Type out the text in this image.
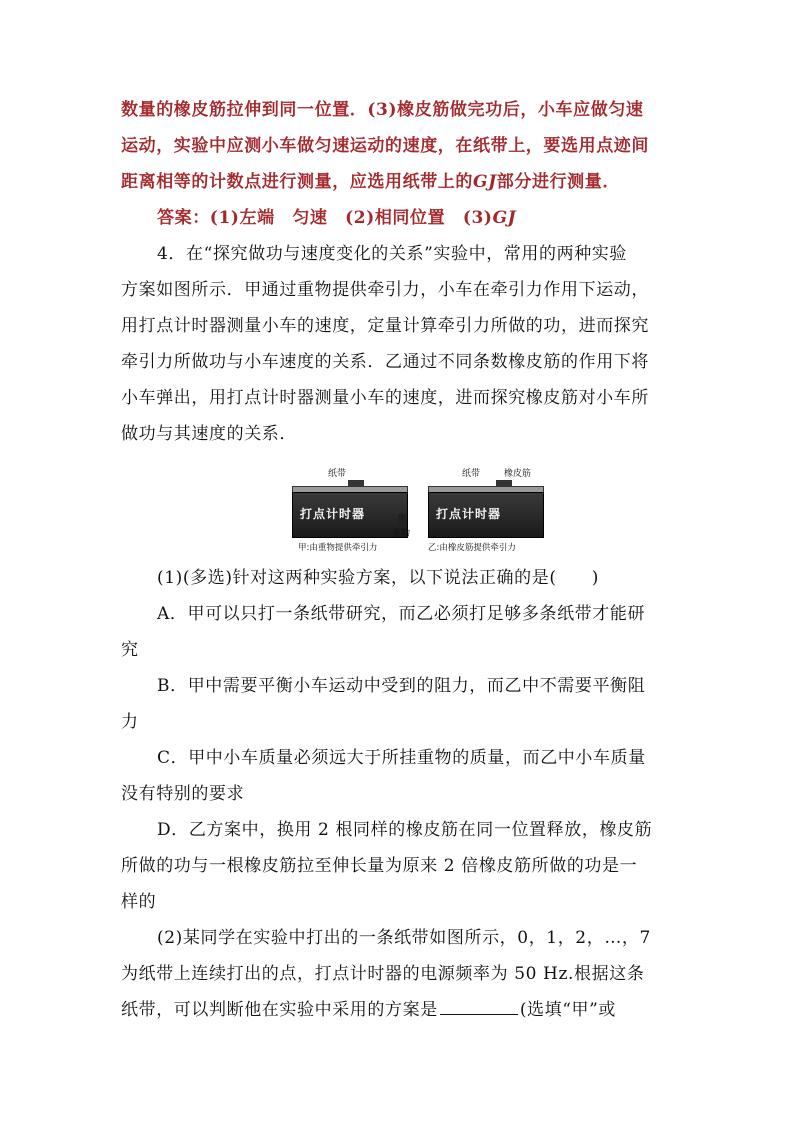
数量的橡皮筋拉伸到同一位置．(3)橡皮筋做完功后，小车应做匀速
运动，实验中应测小车做匀速运动的速度，在纸带上，要选用点迹间
距离相等的计数点进行测量，应选用纸带上的GJ部分进行测量．
答案：(1)左端　匀速　(2)相同位置　(3)GJ
4．在“探究做功与速度变化的关系”实验中，常用的两种实验
方案如图所示．甲通过重物提供牵引力，小车在牵引力作用下运动，
用打点计时器测量小车的速度，定量计算牵引力所做的功，进而探究
牵引力所做功与小车速度的关系．乙通过不同条数橡皮筋的作用下将
小车弹出，用打点计时器测量小车的速度，进而探究橡皮筋对小车所
做功与其速度的关系．
纸带
打点计时器
重物
甲:由重物提供牵引力
纸带	橡皮筋
打点计时器
乙:由橡皮筋提供牵引力
(1)(多选)针对这两种实验方案，以下说法正确的是(　　)
A．甲可以只打一条纸带研究，而乙必须打足够多条纸带才能研
究
B．甲中需要平衡小车运动中受到的阻力，而乙中不需要平衡阻
力
C．甲中小车质量必须远大于所挂重物的质量，而乙中小车质量
没有特别的要求
D．乙方案中，换用 2 根同样的橡皮筋在同一位置释放，橡皮筋
所做的功与一根橡皮筋拉至伸长量为原来 2 倍橡皮筋所做的功是一
样的
(2)某同学在实验中打出的一条纸带如图所示，0，1，2，…，7
为纸带上连续打出的点，打点计时器的电源频率为 50 Hz.根据这条
纸带，可以判断他在实验中采用的方案是	(选填“甲”或
